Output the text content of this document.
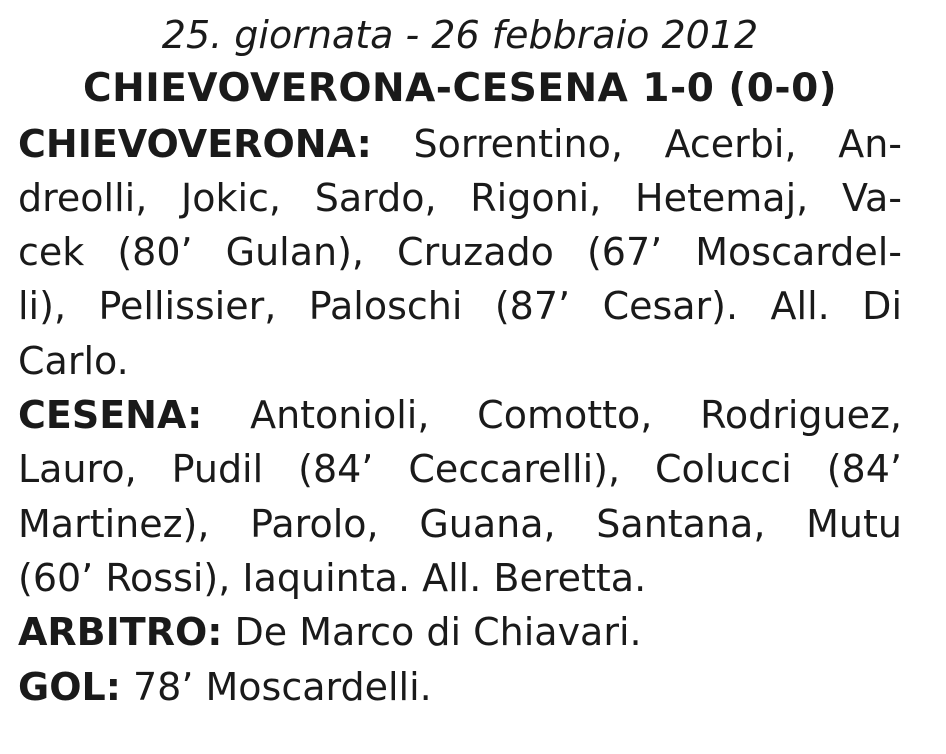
25. giornata - 26 febbraio 2012
CHIEVOVERONA-CESENA 1-0 (0-0)
CHIEVOVERONA: Sorrentino, Acerbi, An-
dreolli, Jokic, Sardo, Rigoni, Hetemaj, Va-
cek (80’ Gulan), Cruzado (67’ Moscardel-
li), Pellissier, Paloschi (87’ Cesar). All. Di
Carlo.
CESENA: Antonioli, Comotto, Rodriguez,
Lauro, Pudil (84’ Ceccarelli), Colucci (84’
Martinez), Parolo, Guana, Santana, Mutu
(60’ Rossi), Iaquinta. All. Beretta.
ARBITRO: De Marco di Chiavari.
GOL: 78’ Moscardelli.
